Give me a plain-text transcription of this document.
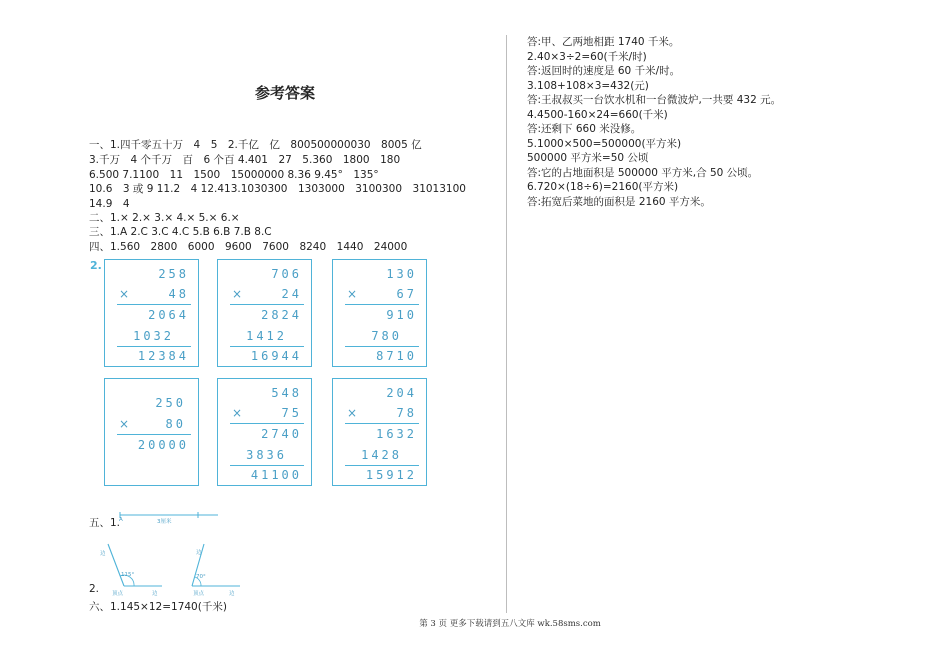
参考答案
一、1.四千零五十万　4　5　2.千亿　亿　800500000030　8005 亿
3.千万　4 个千万　百　6 个百 4.401　27　5.360　1800　180
6.500 7.1100　11　1500　15000000 8.36 9.45°　135°
10.6　3 或 9 11.2　4 12.413.1030300　1303000　3100300　31013100
14.9　4
二、1.× 2.× 3.× 4.× 5.× 6.×
三、1.A 2.C 3.C 4.C 5.B 6.B 7.B 8.C
四、1.560　2800　6000　9600　7600　8240　1440　24000
2.
258
×	48
2064
1032
12384
706
×	24
2824
1412
16944
130
×	67
910
780
8710
250
×	80
20000
548
×	75
2740
3836
41100
204
×	78
1632
1428
15912
五、1.
A	3厘米
边
115°
顶点	边
边
70°
顶点	边
2.
六、1.145×12=1740(千米)
答:甲、乙两地相距 1740 千米。
2.40×3÷2=60(千米/时)
答:返回时的速度是 60 千米/时。
3.108+108×3=432(元)
答:王叔叔买一台饮水机和一台微波炉,一共要 432 元。
4.4500-160×24=660(千米)
答:还剩下 660 米没修。
5.1000×500=500000(平方米)
500000 平方米=50 公顷
答:它的占地面积是 500000 平方米,合 50 公顷。
6.720×(18÷6)=2160(平方米)
答:拓宽后菜地的面积是 2160 平方米。
第 3 页 更多下载请到五八文库 wk.58sms.com
